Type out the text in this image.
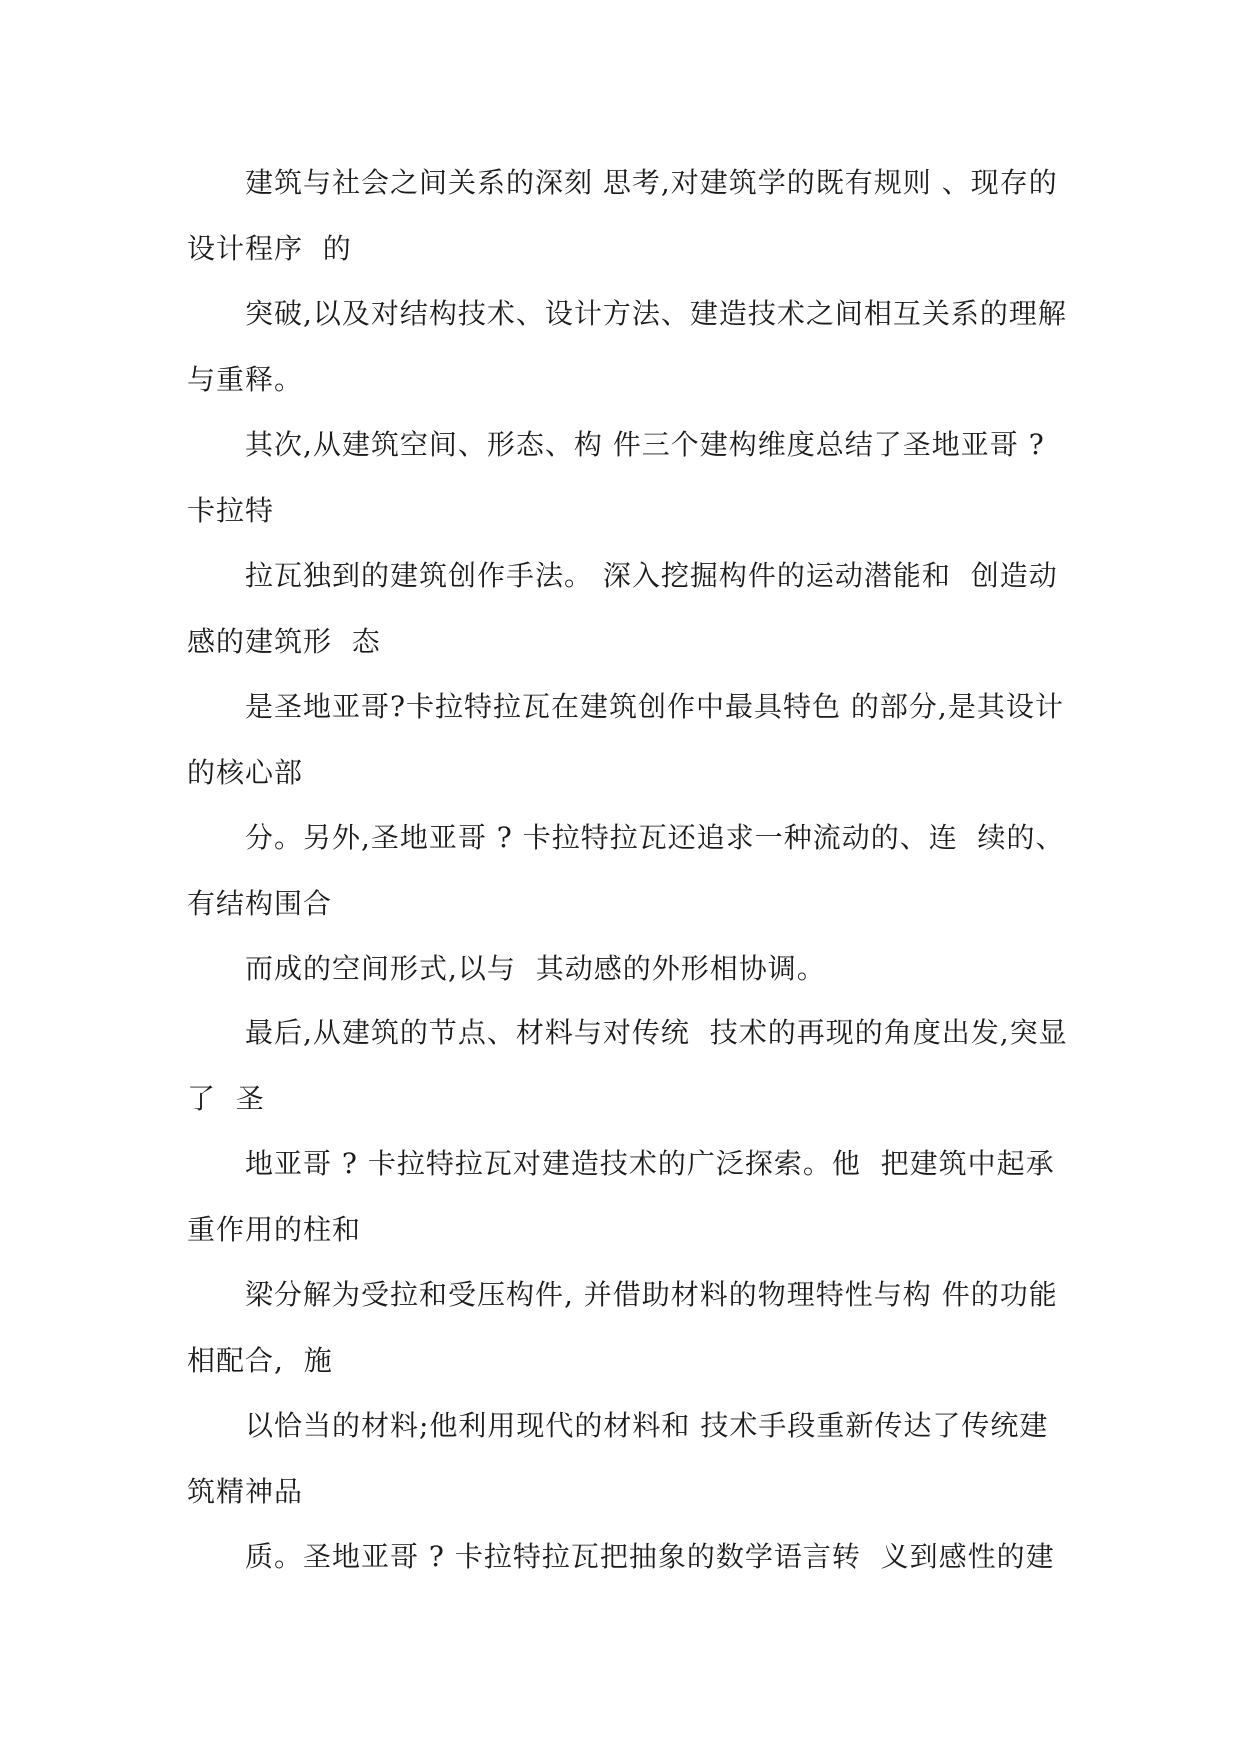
建筑与社会之间关系的深刻 思考,对建筑学的既有规则 、现存的设计程序  的

突破,以及对结构技术、设计方法、建造技术之间相互关系的理解与重释。

其次,从建筑空间、形态、构 件三个建构维度总结了圣地亚哥 ? 卡拉特

拉瓦独到的建筑创作手法。 深入挖掘构件的运动潜能和  创造动感的建筑形  态

是圣地亚哥?卡拉特拉瓦在建筑创作中最具特色 的部分,是其设计的核心部

分。另外,圣地亚哥 ? 卡拉特拉瓦还追求一种流动的、连  续的、有结构围合

而成的空间形式,以与  其动感的外形相协调。

最后,从建筑的节点、材料与对传统  技术的再现的角度出发,突显了  圣

地亚哥 ? 卡拉特拉瓦对建造技术的广泛探索。他  把建筑中起承重作用的柱和

梁分解为受拉和受压构件, 并借助材料的物理特性与构 件的功能相配合,  施

以恰当的材料;他利用现代的材料和 技术手段重新传达了传统建筑精神品

质。圣地亚哥 ? 卡拉特拉瓦把抽象的数学语言转  义到感性的建
